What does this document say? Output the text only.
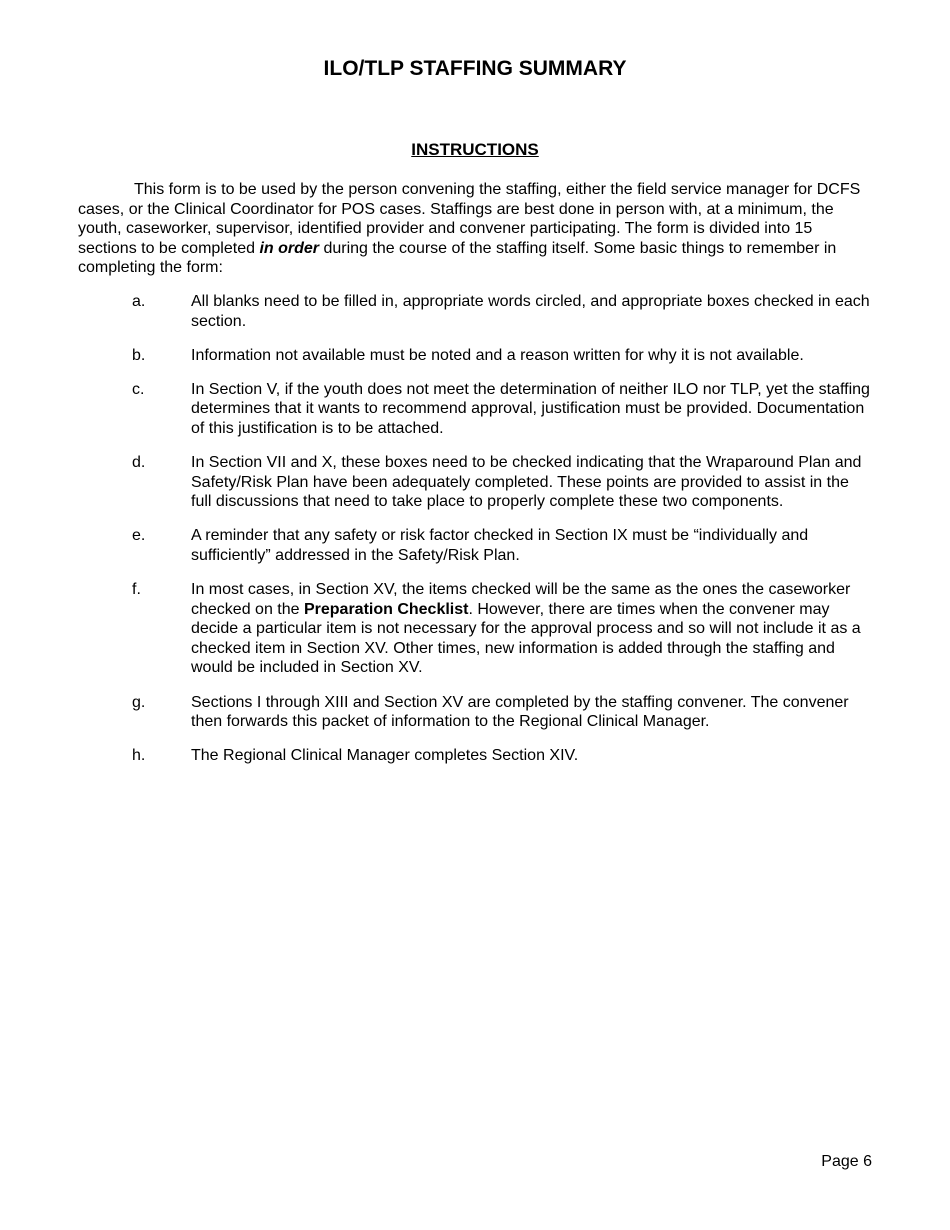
ILO/TLP STAFFING SUMMARY
INSTRUCTIONS

This form is to be used by the person convening the staffing, either the field service manager for DCFS cases, or the Clinical Coordinator for POS cases. Staffings are best done in person with, at a minimum, the youth, caseworker, supervisor, identified provider and convener participating. The form is divided into 15 sections to be completed in order during the course of the staffing itself. Some basic things to remember in completing the form:

a.	All blanks need to be filled in, appropriate words circled, and appropriate boxes checked in each section.
b.	Information not available must be noted and a reason written for why it is not available.
c.	In Section V, if the youth does not meet the determination of neither ILO nor TLP, yet the staffing determines that it wants to recommend approval, justification must be provided. Documentation of this justification is to be attached.
d.	In Section VII and X, these boxes need to be checked indicating that the Wraparound Plan and Safety/Risk Plan have been adequately completed. These points are provided to assist in the full discussions that need to take place to properly complete these two components.
e.	A reminder that any safety or risk factor checked in Section IX must be “individually and sufficiently” addressed in the Safety/Risk Plan.
f.	In most cases, in Section XV, the items checked will be the same as the ones the caseworker checked on the Preparation Checklist. However, there are times when the convener may decide a particular item is not necessary for the approval process and so will not include it as a checked item in Section XV. Other times, new information is added through the staffing and would be included in Section XV.
g.	Sections I through XIII and Section XV are completed by the staffing convener. The convener then forwards this packet of information to the Regional Clinical Manager.
h.	The Regional Clinical Manager completes Section XIV.

Page 6
